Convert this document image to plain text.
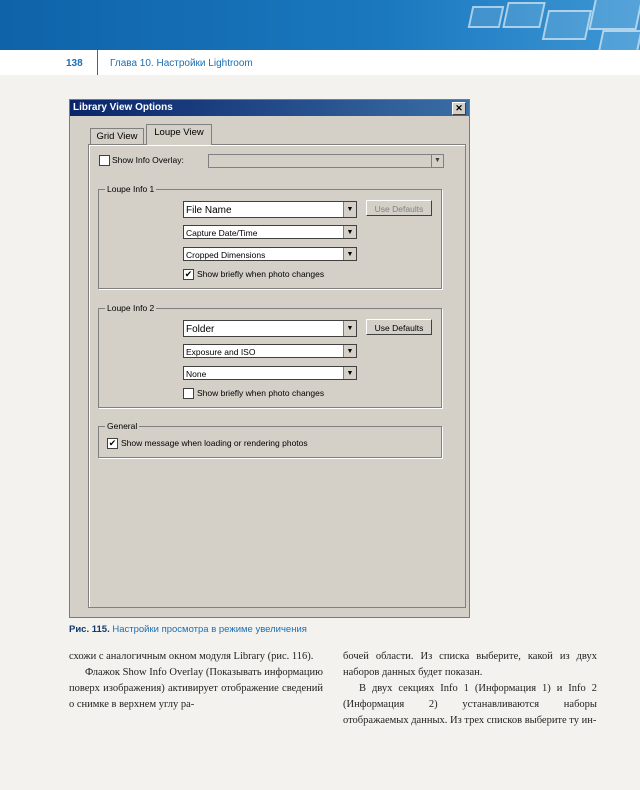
138	Глава 10. Настройки Lightroom
Library View Options	✕
Grid View	Loupe View
Show Info Overlay:	▼
Loupe Info 1
File Name	▼
Capture Date/Time	▼
Cropped Dimensions	▼
Use Defaults
✔ Show briefly when photo changes
Loupe Info 2
Folder	▼
Exposure and ISO	▼
None	▼
Use Defaults
Show briefly when photo changes
General
✔ Show message when loading or rendering photos
Рис. 115. Настройки просмотра в режиме увеличения

схожи с аналогичным окном модуля Library (рис. 116).

Флажок Show Info Overlay (Показывать информацию поверх изображения) активирует отображение сведений о снимке в верхнем углу ра-

бочей области. Из списка выберите, какой из двух наборов данных будет показан.

В двух секциях Info 1 (Информация 1) и Info 2 (Информация 2) устанавливаются наборы отображаемых данных. Из трех списков выберите ту ин-
